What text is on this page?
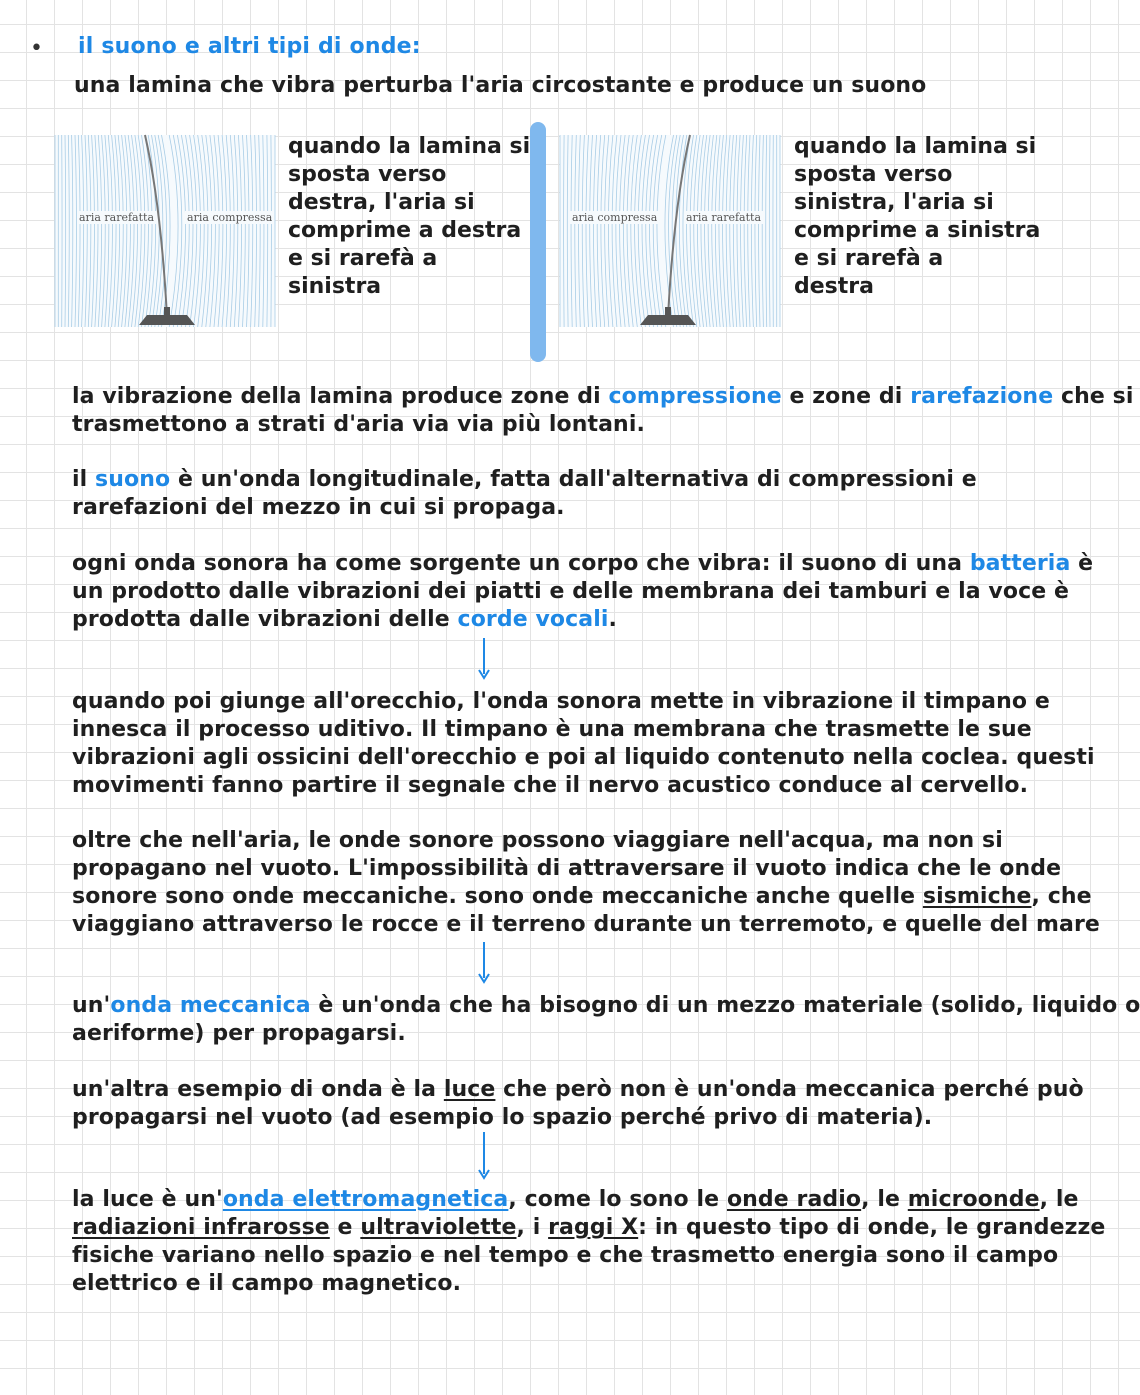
• il suono e altri tipi di onde:
una lamina che vibra perturba l'aria circostante e produce un suono
aria rarefatta	aria compressa
quando la lamina si
sposta verso
destra, l'aria si
comprime a destra
e si rarefà a
sinistra
aria compressa	aria rarefatta
quando la lamina si
sposta verso
sinistra, l'aria si
comprime a sinistra
e si rarefà a
destra
la vibrazione della lamina produce zone di compressione e zone di rarefazione che si
trasmettono a strati d'aria via via più lontani.
il suono è un'onda longitudinale, fatta dall'alternativa di compressioni e
rarefazioni del mezzo in cui si propaga.
ogni onda sonora ha come sorgente un corpo che vibra: il suono di una batteria è
un prodotto dalle vibrazioni dei piatti e delle membrana dei tamburi e la voce è
prodotta dalle vibrazioni delle corde vocali.
quando poi giunge all'orecchio, l'onda sonora mette in vibrazione il timpano e
innesca il processo uditivo. Il timpano è una membrana che trasmette le sue
vibrazioni agli ossicini dell'orecchio e poi al liquido contenuto nella coclea. questi
movimenti fanno partire il segnale che il nervo acustico conduce al cervello.
oltre che nell'aria, le onde sonore possono viaggiare nell'acqua, ma non si
propagano nel vuoto. L'impossibilità di attraversare il vuoto indica che le onde
sonore sono onde meccaniche. sono onde meccaniche anche quelle sismiche, che
viaggiano attraverso le rocce e il terreno durante un terremoto, e quelle del mare
un'onda meccanica è un'onda che ha bisogno di un mezzo materiale (solido, liquido o
aeriforme) per propagarsi.
un'altra esempio di onda è la luce che però non è un'onda meccanica perché può
propagarsi nel vuoto (ad esempio lo spazio perché privo di materia).
la luce è un'onda elettromagnetica, come lo sono le onde radio, le microonde, le
radiazioni infrarosse e ultraviolette, i raggi X: in questo tipo di onde, le grandezze
fisiche variano nello spazio e nel tempo e che trasmetto energia sono il campo
elettrico e il campo magnetico.
